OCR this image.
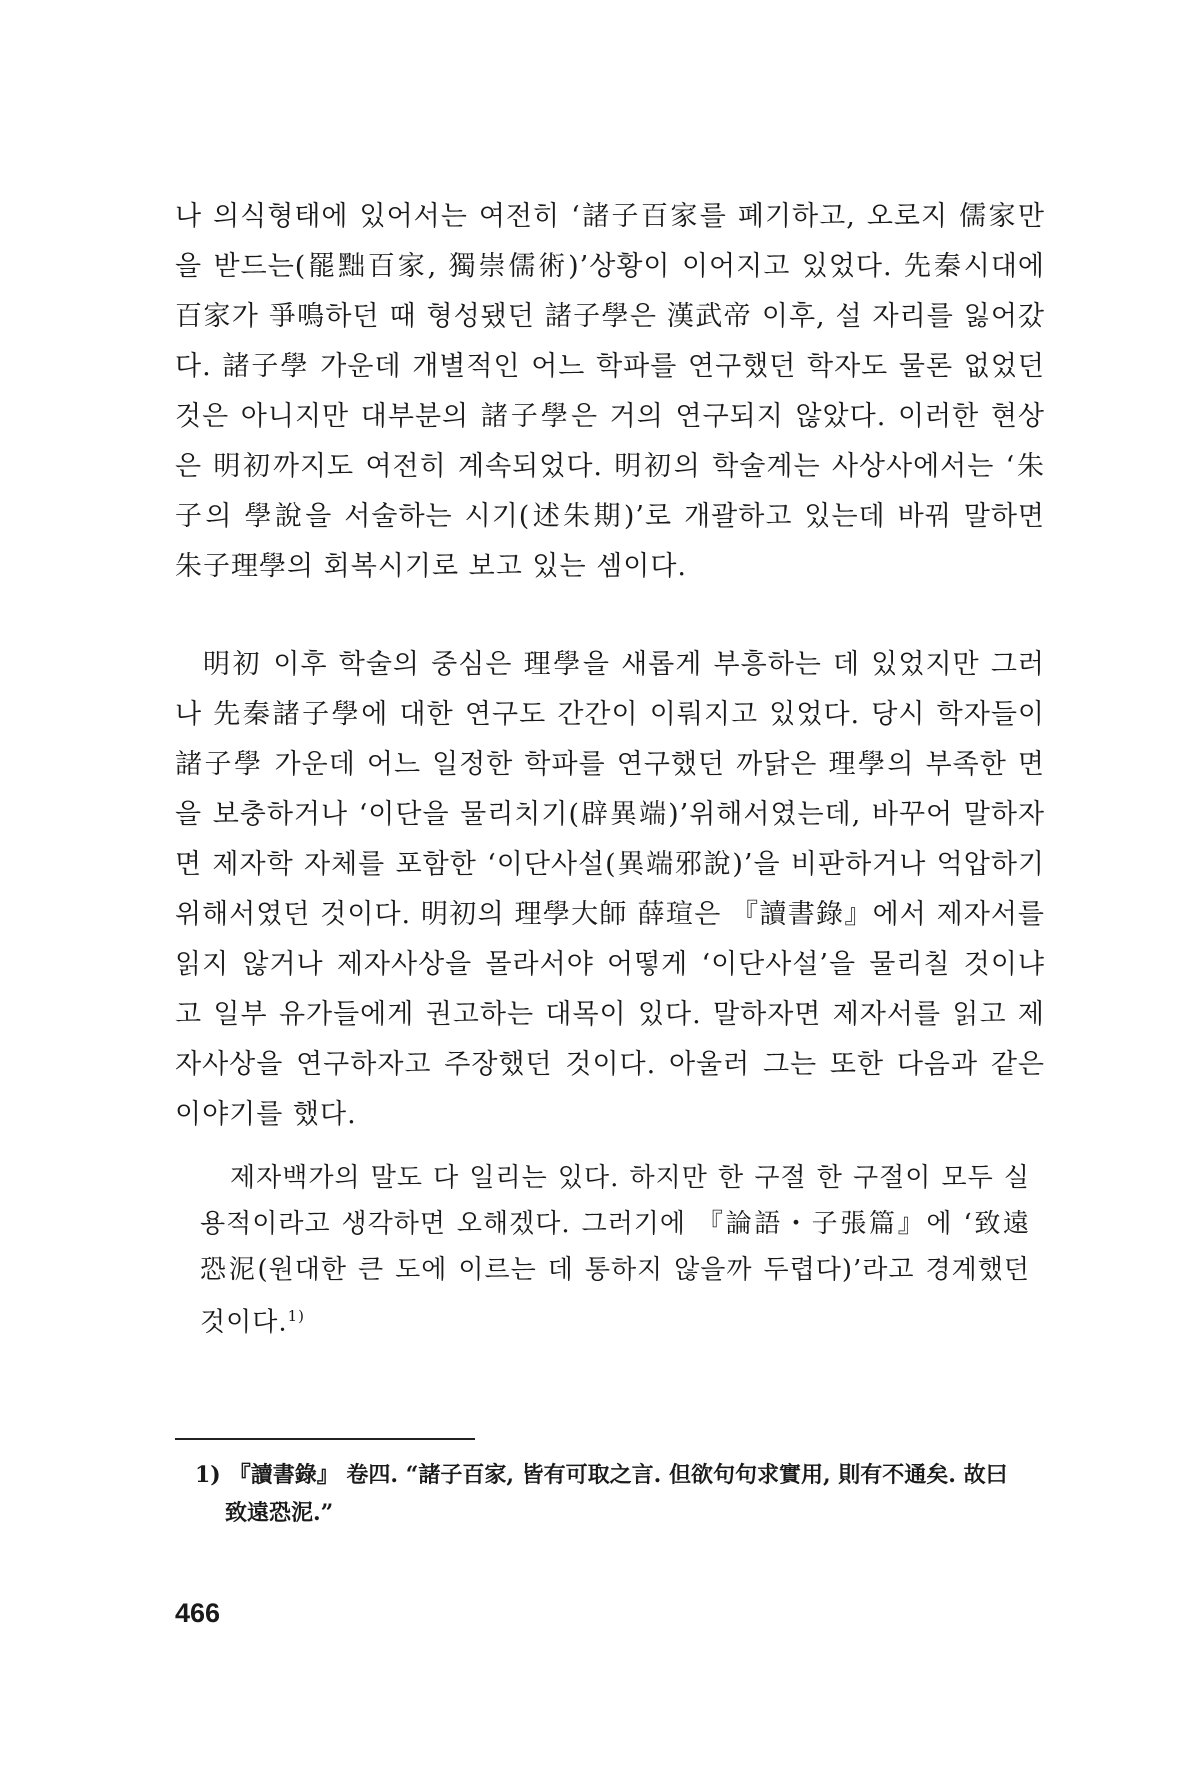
나 의식형태에 있어서는 여전히 ‘諸子百家를 폐기하고, 오로지 儒家만을 받드는(罷黜百家, 獨崇儒術)’상황이 이어지고 있었다. 先秦시대에 百家가 爭鳴하던 때 형성됐던 諸子學은 漢武帝 이후, 설 자리를 잃어갔다. 諸子學 가운데 개별적인 어느 학파를 연구했던 학자도 물론 없었던 것은 아니지만 대부분의 諸子學은 거의 연구되지 않았다. 이러한 현상은 明初까지도 여전히 계속되었다. 明初의 학술계는 사상사에서는 ‘朱子의 學說을 서술하는 시기(述朱期)’로 개괄하고 있는데 바꿔 말하면 朱子理學의 회복시기로 보고 있는 셈이다.

明初 이후 학술의 중심은 理學을 새롭게 부흥하는 데 있었지만 그러나 先秦諸子學에 대한 연구도 간간이 이뤄지고 있었다. 당시 학자들이 諸子學 가운데 어느 일정한 학파를 연구했던 까닭은 理學의 부족한 면을 보충하거나 ‘이단을 물리치기(辟異端)’위해서였는데, 바꾸어 말하자면 제자학 자체를 포함한 ‘이단사설(異端邪說)’을 비판하거나 억압하기 위해서였던 것이다. 明初의 理學大師 薛瑄은 『讀書錄』에서 제자서를 읽지 않거나 제자사상을 몰라서야 어떻게 ‘이단사설’을 물리칠 것이냐고 일부 유가들에게 권고하는 대목이 있다. 말하자면 제자서를 읽고 제자사상을 연구하자고 주장했던 것이다. 아울러 그는 또한 다음과 같은 이야기를 했다.

제자백가의 말도 다 일리는 있다. 하지만 한 구절 한 구절이 모두 실용적이라고 생각하면 오해겠다. 그러기에 『論語・子張篇』에 ‘致遠恐泥(원대한 큰 도에 이르는 데 통하지 않을까 두렵다)’라고 경계했던 것이다.$^{1)}$

1) 『讀書錄』 卷四. “諸子百家, 皆有可取之言. 但欲句句求實用, 則有不通矣. 故曰
致遠恐泥.”

466
